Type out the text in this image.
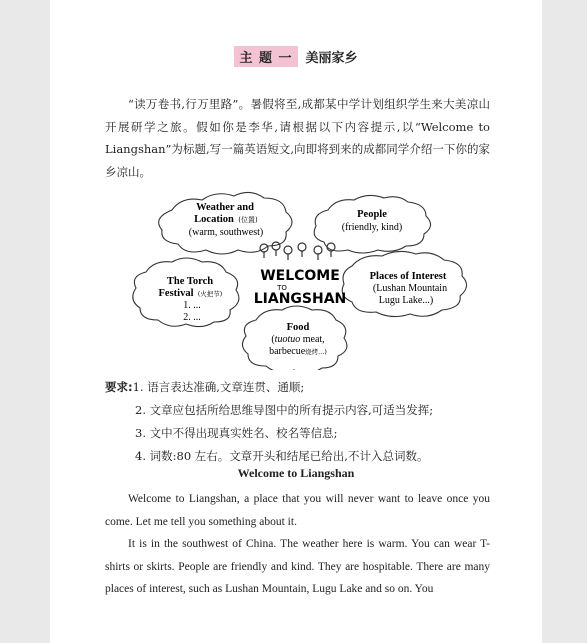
主 题 一 美丽家乡
“读万卷书,行万里路”。暑假将至,成都某中学计划组织学生来大美凉山开展研学之旅。假如你是李华,请根据以下内容提示,以“Welcome to Liangshan”为标题,写一篇英语短文,向即将到来的成都同学介绍一下你的家乡凉山。
Weather and
Location (位置)
(warm, southwest)
People
(friendly, kind)
WELCOME
TO
LIANGSHAN
The Torch
Festival (火把节)
1. ...
2. ...
Places of Interest
(Lushan Mountain
Lugu Lake...)
Food
(tuotuo meat,
barbecue烧烤...)
要求:1. 语言表达准确,文章连贯、通顺;
2. 文章应包括所给思维导图中的所有提示内容,可适当发挥;
3. 文中不得出现真实姓名、校名等信息;
4. 词数:80 左右。文章开头和结尾已给出,不计入总词数。
Welcome to Liangshan

Welcome to Liangshan, a place that you will never want to leave once you come. Let me tell you something about it.

It is in the southwest of China. The weather here is warm. You can wear T-shirts or skirts. People are friendly and kind. They are hospitable. There are many places of interest, such as Lushan Mountain, Lugu Lake and so on. You
